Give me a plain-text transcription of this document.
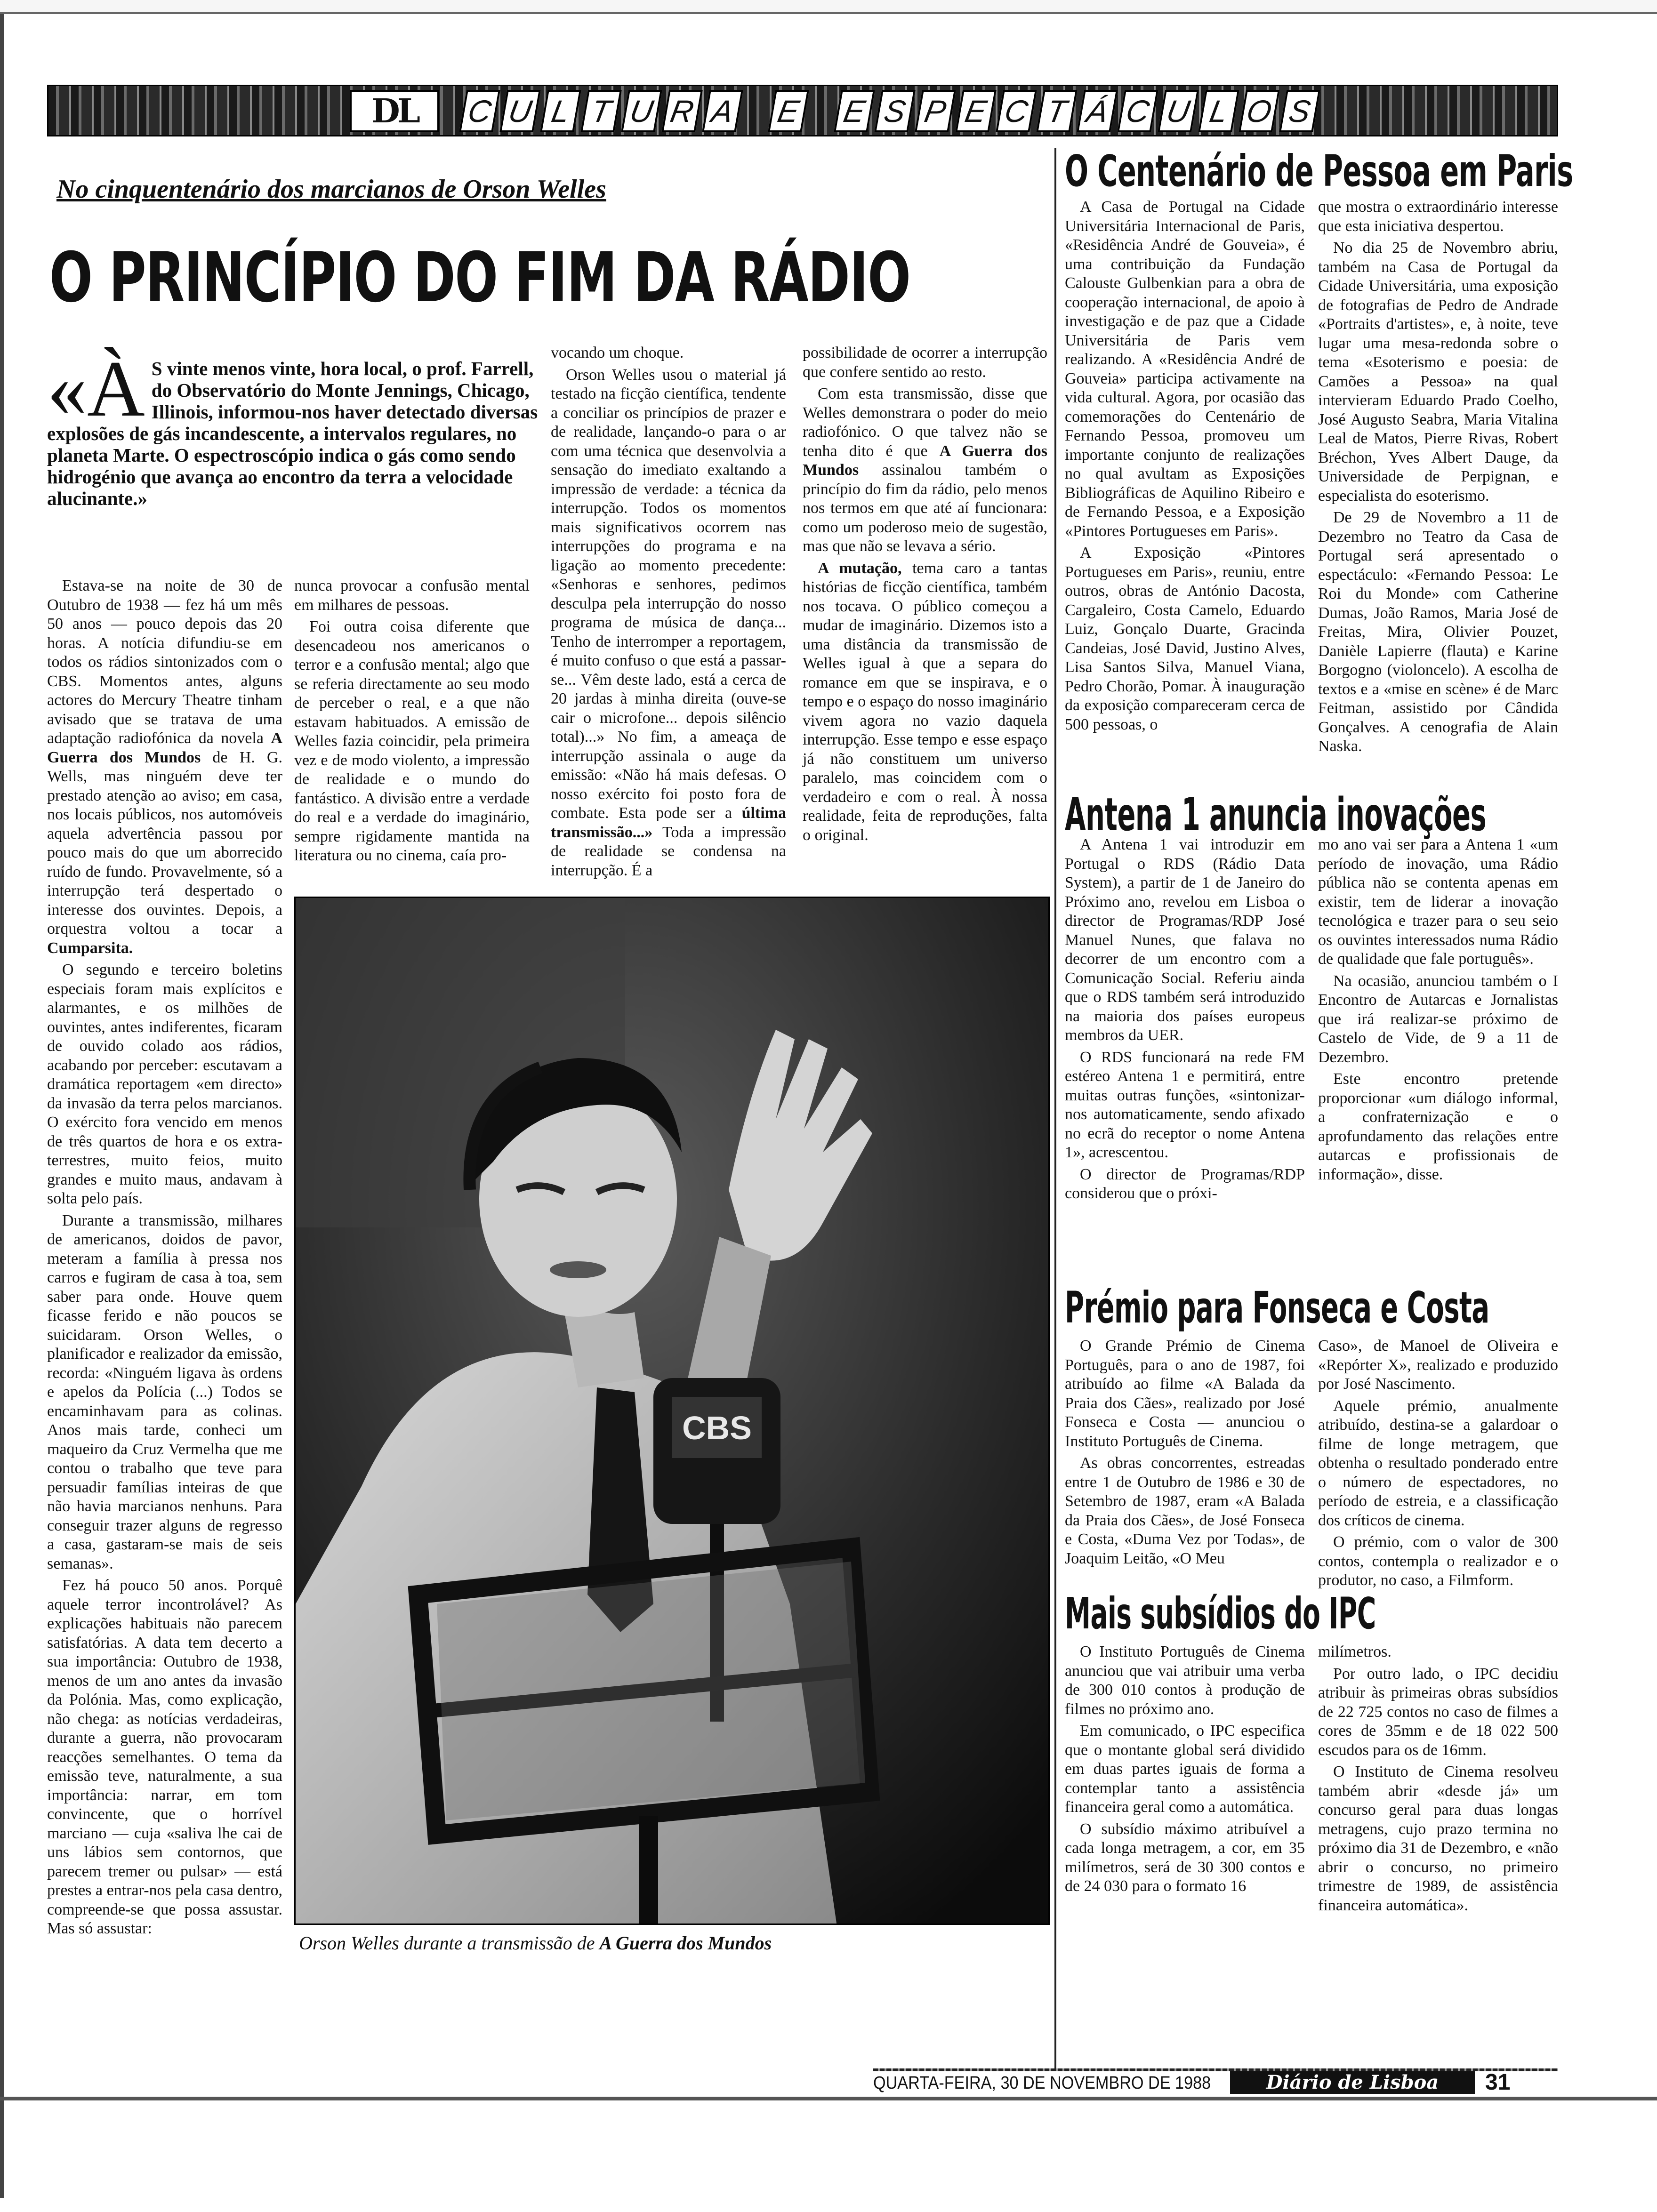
DL	C U L T U R A E E S P E C T Á C U L O S
No cinquentenário dos marcianos de Orson Welles
O PRINCÍPIO DO FIM DA RÁDIO
«À S vinte menos vinte, hora local, o prof. Farrell, do Observatório do Monte Jennings, Chicago, Illinois, informou-nos haver detectado diversas explosões de gás incandescente, a intervalos regulares, no planeta Marte. O espectroscópio indica o gás como sendo hidrogénio que avança ao encontro da terra a velocidade alucinante.»

Estava-se na noite de 30 de Outubro de 1938 — fez há um mês 50 anos — pouco depois das 20 horas. A notícia difundiu-se em todos os rádios sintonizados com o CBS. Momentos antes, alguns actores do Mercury Theatre tinham avisado que se tratava de uma adaptação radiofónica da novela A Guerra dos Mundos de H. G. Wells, mas ninguém deve ter prestado atenção ao aviso; em casa, nos locais públicos, nos automóveis aquela advertência passou por pouco mais do que um aborrecido ruído de fundo. Provavelmente, só a interrupção terá despertado o interesse dos ouvintes. Depois, a orquestra voltou a tocar a Cumparsita.

O segundo e terceiro boletins especiais foram mais explícitos e alarmantes, e os milhões de ouvintes, antes indiferentes, ficaram de ouvido colado aos rádios, acabando por perceber: escutavam a dramática reportagem «em directo» da invasão da terra pelos marcianos. O exército fora vencido em menos de três quartos de hora e os extra-terrestres, muito feios, muito grandes e muito maus, andavam à solta pelo país.

Durante a transmissão, milhares de americanos, doidos de pavor, meteram a família à pressa nos carros e fugiram de casa à toa, sem saber para onde. Houve quem ficasse ferido e não poucos se suicidaram. Orson Welles, o planificador e realizador da emissão, recorda: «Ninguém ligava às ordens e apelos da Polícia (...) Todos se encaminhavam para as colinas. Anos mais tarde, conheci um maqueiro da Cruz Vermelha que me contou o trabalho que teve para persuadir famílias inteiras de que não havia marcianos nenhuns. Para conseguir trazer alguns de regresso a casa, gastaram-se mais de seis semanas».

Fez há pouco 50 anos. Porquê aquele terror incontrolável? As explicações habituais não parecem satisfatórias. A data tem decerto a sua importância: Outubro de 1938, menos de um ano antes da invasão da Polónia. Mas, como explicação, não chega: as notícias verdadeiras, durante a guerra, não provocaram reacções semelhantes. O tema da emissão teve, naturalmente, a sua importância: narrar, em tom convincente, que o horrível marciano — cuja «saliva lhe cai de uns lábios sem contornos, que parecem tremer ou pulsar» — está prestes a entrar-nos pela casa dentro, compreende-se que possa assustar. Mas só assustar:

nunca provocar a confusão mental em milhares de pessoas.

Foi outra coisa diferente que desencadeou nos americanos o terror e a confusão mental; algo que se referia directamente ao seu modo de perceber o real, e a que não estavam habituados. A emissão de Welles fazia coincidir, pela primeira vez e de modo violento, a impressão de realidade e o mundo do fantástico. A divisão entre a verdade do real e a verdade do imaginário, sempre rigidamente mantida na literatura ou no cinema, caía pro-

vocando um choque.

Orson Welles usou o material já testado na ficção científica, tendente a conciliar os princípios de prazer e de realidade, lançando-o para o ar com uma técnica que desenvolvia a sensação do imediato exaltando a impressão de verdade: a técnica da interrupção. Todos os momentos mais significativos ocorrem nas interrupções do programa e na ligação ao momento precedente: «Senhoras e senhores, pedimos desculpa pela interrupção do nosso programa de música de dança... Tenho de interromper a reportagem, é muito confuso o que está a passar-se... Vêm deste lado, está a cerca de 20 jardas à minha direita (ouve-se cair o microfone... depois silêncio total)...» No fim, a ameaça de interrupção assinala o auge da emissão: «Não há mais defesas. O nosso exército foi posto fora de combate. Esta pode ser a última transmissão...» Toda a impressão de realidade se condensa na interrupção. É a

possibilidade de ocorrer a interrupção que confere sentido ao resto.

Com esta transmissão, disse que Welles demonstrara o poder do meio radiofónico. O que talvez não se tenha dito é que A Guerra dos Mundos assinalou também o princípio do fim da rádio, pelo menos nos termos em que até aí funcionara: como um poderoso meio de sugestão, mas que não se levava a sério.

A mutação, tema caro a tantas histórias de ficção científica, também nos tocava. O público começou a mudar de imaginário. Dizemos isto a uma distância da transmissão de Welles igual à que a separa do romance em que se inspirava, e o tempo e o espaço do nosso imaginário vivem agora no vazio daquela interrupção. Esse tempo e esse espaço já não constituem um universo paralelo, mas coincidem com o verdadeiro e com o real. À nossa realidade, feita de reproduções, falta o original.

CBS
Orson Welles durante a transmissão de A Guerra dos Mundos
O Centenário de Pessoa em Paris

A Casa de Portugal na Cidade Universitária Internacional de Paris, «Residência André de Gouveia», é uma contribuição da Fundação Calouste Gulbenkian para a obra de cooperação internacional, de apoio à investigação e de paz que a Cidade Universitária de Paris vem realizando. A «Residência André de Gouveia» participa activamente na vida cultural. Agora, por ocasião das comemorações do Centenário de Fernando Pessoa, promoveu um importante conjunto de realizações no qual avultam as Exposições Bibliográficas de Aquilino Ribeiro e de Fernando Pessoa, e a Exposição «Pintores Portugueses em Paris».

A Exposição «Pintores Portugueses em Paris», reuniu, entre outros, obras de António Dacosta, Cargaleiro, Costa Camelo, Eduardo Luiz, Gonçalo Duarte, Gracinda Candeias, José David, Justino Alves, Lisa Santos Silva, Manuel Viana, Pedro Chorão, Pomar. À inauguração da exposição compareceram cerca de 500 pessoas, o

que mostra o extraordinário interesse que esta iniciativa despertou.

No dia 25 de Novembro abriu, também na Casa de Portugal da Cidade Universitária, uma exposição de fotografias de Pedro de Andrade «Portraits d'artistes», e, à noite, teve lugar uma mesa-redonda sobre o tema «Esoterismo e poesia: de Camões a Pessoa» na qual intervieram Eduardo Prado Coelho, José Augusto Seabra, Maria Vitalina Leal de Matos, Pierre Rivas, Robert Bréchon, Yves Albert Dauge, da Universidade de Perpignan, e especialista do esoterismo.

De 29 de Novembro a 11 de Dezembro no Teatro da Casa de Portugal será apresentado o espectáculo: «Fernando Pessoa: Le Roi du Monde» com Catherine Dumas, João Ramos, Maria José de Freitas, Mira, Olivier Pouzet, Danièle Lapierre (flauta) e Karine Borgogno (violoncelo). A escolha de textos e a «mise en scène» é de Marc Feitman, assistido por Cândida Gonçalves. A cenografia de Alain Naska.

Antena 1 anuncia inovações

A Antena 1 vai introduzir em Portugal o RDS (Rádio Data System), a partir de 1 de Janeiro do Próximo ano, revelou em Lisboa o director de Programas/RDP José Manuel Nunes, que falava no decorrer de um encontro com a Comunicação Social. Referiu ainda que o RDS também será introduzido na maioria dos países europeus membros da UER.

O RDS funcionará na rede FM estéreo Antena 1 e permitirá, entre muitas outras funções, «sintonizar-nos automaticamente, sendo afixado no ecrã do receptor o nome Antena 1», acrescentou.

O director de Programas/RDP considerou que o próxi-

mo ano vai ser para a Antena 1 «um período de inovação, uma Rádio pública não se contenta apenas em existir, tem de liderar a inovação tecnológica e trazer para o seu seio os ouvintes interessados numa Rádio de qualidade que fale português».

Na ocasião, anunciou também o I Encontro de Autarcas e Jornalistas que irá realizar-se próximo de Castelo de Vide, de 9 a 11 de Dezembro.

Este encontro pretende proporcionar «um diálogo informal, a confraternização e o aprofundamento das relações entre autarcas e profissionais de informação», disse.

Prémio para Fonseca e Costa

O Grande Prémio de Cinema Português, para o ano de 1987, foi atribuído ao filme «A Balada da Praia dos Cães», realizado por José Fonseca e Costa — anunciou o Instituto Português de Cinema.

As obras concorrentes, estreadas entre 1 de Outubro de 1986 e 30 de Setembro de 1987, eram «A Balada da Praia dos Cães», de José Fonseca e Costa, «Duma Vez por Todas», de Joaquim Leitão, «O Meu

Caso», de Manoel de Oliveira e «Repórter X», realizado e produzido por José Nascimento.

Aquele prémio, anualmente atribuído, destina-se a galardoar o filme de longe metragem, que obtenha o resultado ponderado entre o número de espectadores, no período de estreia, e a classificação dos críticos de cinema.

O prémio, com o valor de 300 contos, contempla o realizador e o produtor, no caso, a Filmform.

Mais subsídios do IPC

O Instituto Português de Cinema anunciou que vai atribuir uma verba de 300 010 contos à produção de filmes no próximo ano.

Em comunicado, o IPC especifica que o montante global será dividido em duas partes iguais de forma a contemplar tanto a assistência financeira geral como a automática.

O subsídio máximo atribuível a cada longa metragem, a cor, em 35 milímetros, será de 30 300 contos e de 24 030 para o formato 16

milímetros.

Por outro lado, o IPC decidiu atribuir às primeiras obras subsídios de 22 725 contos no caso de filmes a cores de 35mm e de 18 022 500 escudos para os de 16mm.

O Instituto de Cinema resolveu também abrir «desde já» um concurso geral para duas longas metragens, cujo prazo termina no próximo dia 31 de Dezembro, e «não abrir o concurso, no primeiro trimestre de 1989, de assistência financeira automática».

QUARTA-FEIRA, 30 DE NOVEMBRO DE 1988	Diário de Lisboa	31
